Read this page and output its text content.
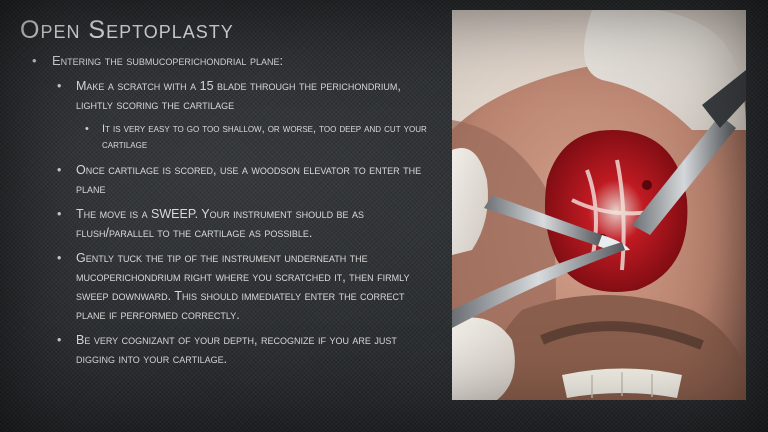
Open Septoplasty
• Entering the submucoperichondrial plane:
• Make a scratch with a 15 blade through the perichondrium, lightly scoring the cartilage
• It is very easy to go too shallow, or worse, too deep and cut your cartilage
• Once cartilage is scored, use a woodson elevator to enter the plane
• The move is a SWEEP. Your instrument should be as flush/parallel to the cartilage as possible.
• Gently tuck the tip of the instrument underneath the mucoperichondrium right where you scratched it, then firmly sweep downward. This should immediately enter the correct plane if performed correctly.
• Be very cognizant of your depth, recognize if you are just digging into your cartilage.
